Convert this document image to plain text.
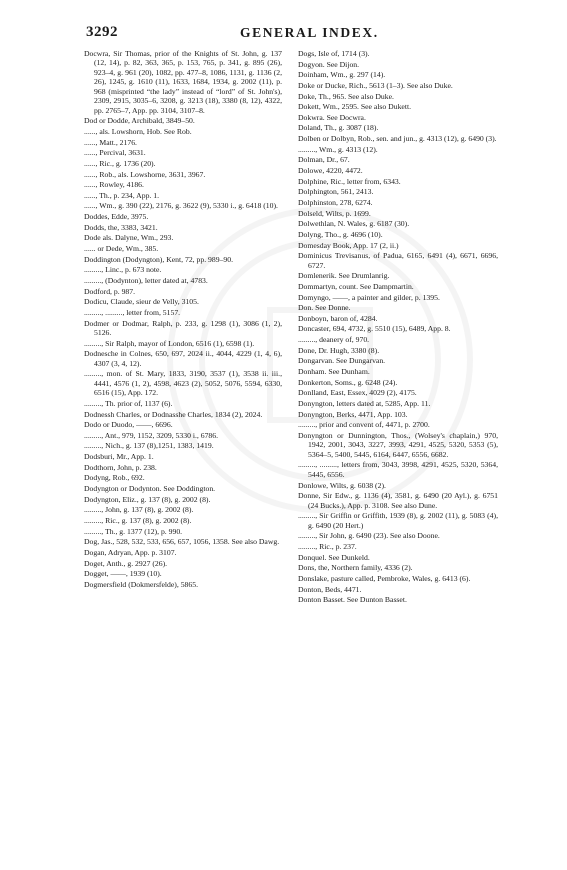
3292	GENERAL INDEX.

Docwra, Sir Thomas, prior of the Knights of St. John, g. 137 (12, 14), p. 82, 363, 365, p. 153, 765, p. 341, g. 895 (26), 923–4, g. 961 (20), 1082, pp. 477–8, 1086, 1131, g. 1136 (2, 26), 1245, g. 1610 (11), 1633, 1684, 1934, g. 2002 (11), p. 968 (misprinted “the lady” instead of “lord” of St. John's), 2309, 2915, 3035–6, 3208, g. 3213 (18), 3380 (8, 12), 4322, pp. 2765–7, App. pp. 3104, 3107–8.

Dod or Dodde, Archibald, 3849–50.

......, als. Lowshorn, Hob. See Rob.

......, Matt., 2176.

......, Percival, 3631.

......, Ric., g. 1736 (20).

......, Rob., als. Lowshorne, 3631, 3967.

......, Rowley, 4186.

......, Th., p. 234, App. 1.

......, Wm., g. 390 (22), 2176, g. 3622 (9), 5330 i., g. 6418 (10).

Doddes, Edde, 3975.

Dodds, the, 3383, 3421.

Dode als. Dalyne, Wm., 293.

...... or Dede, Wm., 385.

Doddington (Dodyngton), Kent, 72, pp. 989–90.

........., Linc., p. 673 note.

........., (Dodynton), letter dated at, 4783.

Dodford, p. 987.

Dodicu, Claude, sieur de Velly, 3105.

........., ........., letter from, 5157.

Dodmer or Dodmar, Ralph, p. 233, g. 1298 (1), 3086 (1, 2), 5126.

........., Sir Ralph, mayor of London, 6516 (1), 6598 (1).

Dodnesche in Colnes, 650, 697, 2024 ii., 4044, 4229 (1, 4, 6), 4307 (3, 4, 12).

........., mon. of St. Mary, 1833, 3190, 3537 (1), 3538 ii. iii., 4441, 4576 (1, 2), 4598, 4623 (2), 5052, 5076, 5594, 6330, 6516 (15), App. 172.

........., Th. prior of, 1137 (6).

Dodnessh Charles, or Dodnasshe Charles, 1834 (2), 2024.

Dodo or Duodo, ——, 6696.

........., Ant., 979, 1152, 3209, 5330 i., 6786.

........., Nich., g. 137 (8),1251, 1383, 1419.

Dodsburi, Mr., App. 1.

Dodthorn, John, p. 238.

Dodyng, Rob., 692.

Dodyngton or Dodynton. See Doddington.

Dodyngton, Eliz., g. 137 (8), g. 2002 (8).

........., John, g. 137 (8), g. 2002 (8).

........., Ric., g. 137 (8), g. 2002 (8).

........., Th., g. 1377 (12), p. 990.

Dog, Jas., 528, 532, 533, 656, 657, 1056, 1358. See also Dawg.

Dogan, Adryan, App. p. 3107.

Doget, Anth., g. 2927 (26).

Dogget, ——, 1939 (10).

Dogmersfield (Dokmersfelde), 5865.

Dogs, Isle of, 1714 (3).

Dogyon. See Dijon.

Doinham, Wm., g. 297 (14).

Doke or Ducke, Rich., 5613 (1–3). See also Duke.

Doke, Th., 965. See also Duke.

Dokett, Wm., 2595. See also Dukett.

Dokwra. See Docwra.

Doland, Th., g. 3087 (18).

Dolben or Dolbyn, Rob., sen. and jun., g. 4313 (12), g. 6490 (3).

........., Wm., g. 4313 (12).

Dolman, Dr., 67.

Dolowe, 4220, 4472.

Dolphine, Ric., letter from, 6343.

Dolphington, 561, 2413.

Dolphinston, 278, 6274.

Dolseld, Wilts, p. 1699.

Dolwethlan, N. Wales, g. 6187 (30).

Dolyng, Tho., g. 4696 (10).

Domesday Book, App. 17 (2, ii.)

Dominicus Trevisanus, of Padua, 6165, 6491 (4), 6671, 6696, 6727.

Domlenerik. See Drumlanrig.

Dommartyn, count. See Dampmartin.

Domyngo, ——, a painter and gilder, p. 1395.

Don. See Donne.

Donboyn, baron of, 4284.

Doncaster, 694, 4732, g. 5510 (15), 6489, App. 8.

........., deanery of, 970.

Done, Dr. Hugh, 3380 (8).

Dongarvan. See Dungarvan.

Donham. See Dunham.

Donkerton, Soms., g. 6248 (24).

Donlland, East, Essex, 4029 (2), 4175.

Donyngton, letters dated at, 5285, App. 11.

Donyngton, Berks, 4471, App. 103.

........., prior and convent of, 4471, p. 2700.

Donyngton or Dunnington, Thos., (Wolsey's chaplain,) 970, 1942, 2001, 3043, 3227, 3993, 4291, 4525, 5320, 5353 (5), 5364–5, 5400, 5445, 6164, 6447, 6556, 6682.

........., ........., letters from, 3043, 3998, 4291, 4525, 5320, 5364, 5445, 6556.

Donlowe, Wilts, g. 6038 (2).

Donne, Sir Edw., g. 1136 (4), 3581, g. 6490 (20 Ayl.), g. 6751 (24 Bucks.), App. p. 3108. See also Dune.

........., Sir Griffin or Griffith, 1939 (8), g. 2002 (11), g. 5083 (4), g. 6490 (20 Hert.)

........., Sir John, g. 6490 (23). See also Doone.

........., Ric., p. 237.

Donquel. See Dunkeld.

Dons, the, Northern family, 4336 (2).

Donslake, pasture called, Pembroke, Wales, g. 6413 (6).

Donton, Beds, 4471.

Donton Basset. See Dunton Basset.
